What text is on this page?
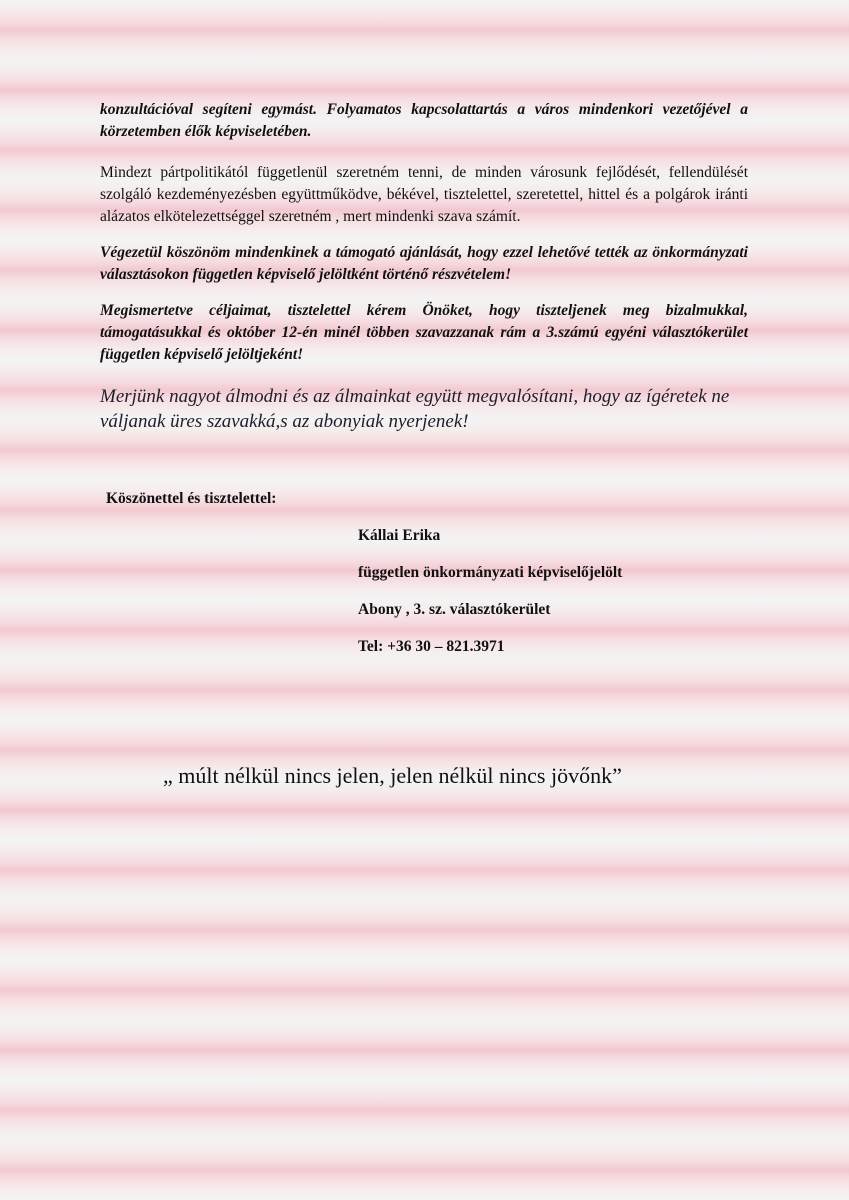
konzultációval segíteni egymást. Folyamatos kapcsolattartás a város mindenkori vezetőjével a körzetemben élők képviseletében.

Mindezt pártpolitikától függetlenül szeretném tenni, de minden városunk fejlődését, fellendülését szolgáló kezdeményezésben együttműködve, békével, tisztelettel, szeretettel, hittel és a polgárok iránti alázatos elkötelezettséggel szeretném , mert mindenki szava számít.

Végezetül köszönöm mindenkinek a támogató ajánlását, hogy ezzel lehetővé tették az önkormányzati választásokon független képviselő jelöltként történő részvételem!

Megismertetve céljaimat, tisztelettel kérem Önöket, hogy tiszteljenek meg bizalmukkal, támogatásukkal és október 12-én minél többen szavazzanak rám a 3.számú egyéni választókerület független képviselő jelöltjeként!

Merjünk nagyot álmodni és az álmainkat együtt megvalósítani, hogy az ígéretek ne váljanak üres szavakká,s az abonyiak nyerjenek!

Köszönettel és tisztelettel:

Kállai Erika

független önkormányzati képviselőjelölt

Abony , 3. sz. választókerület

Tel: +36 30 – 821.3971

„ múlt nélkül nincs jelen, jelen nélkül nincs jövőnk”
